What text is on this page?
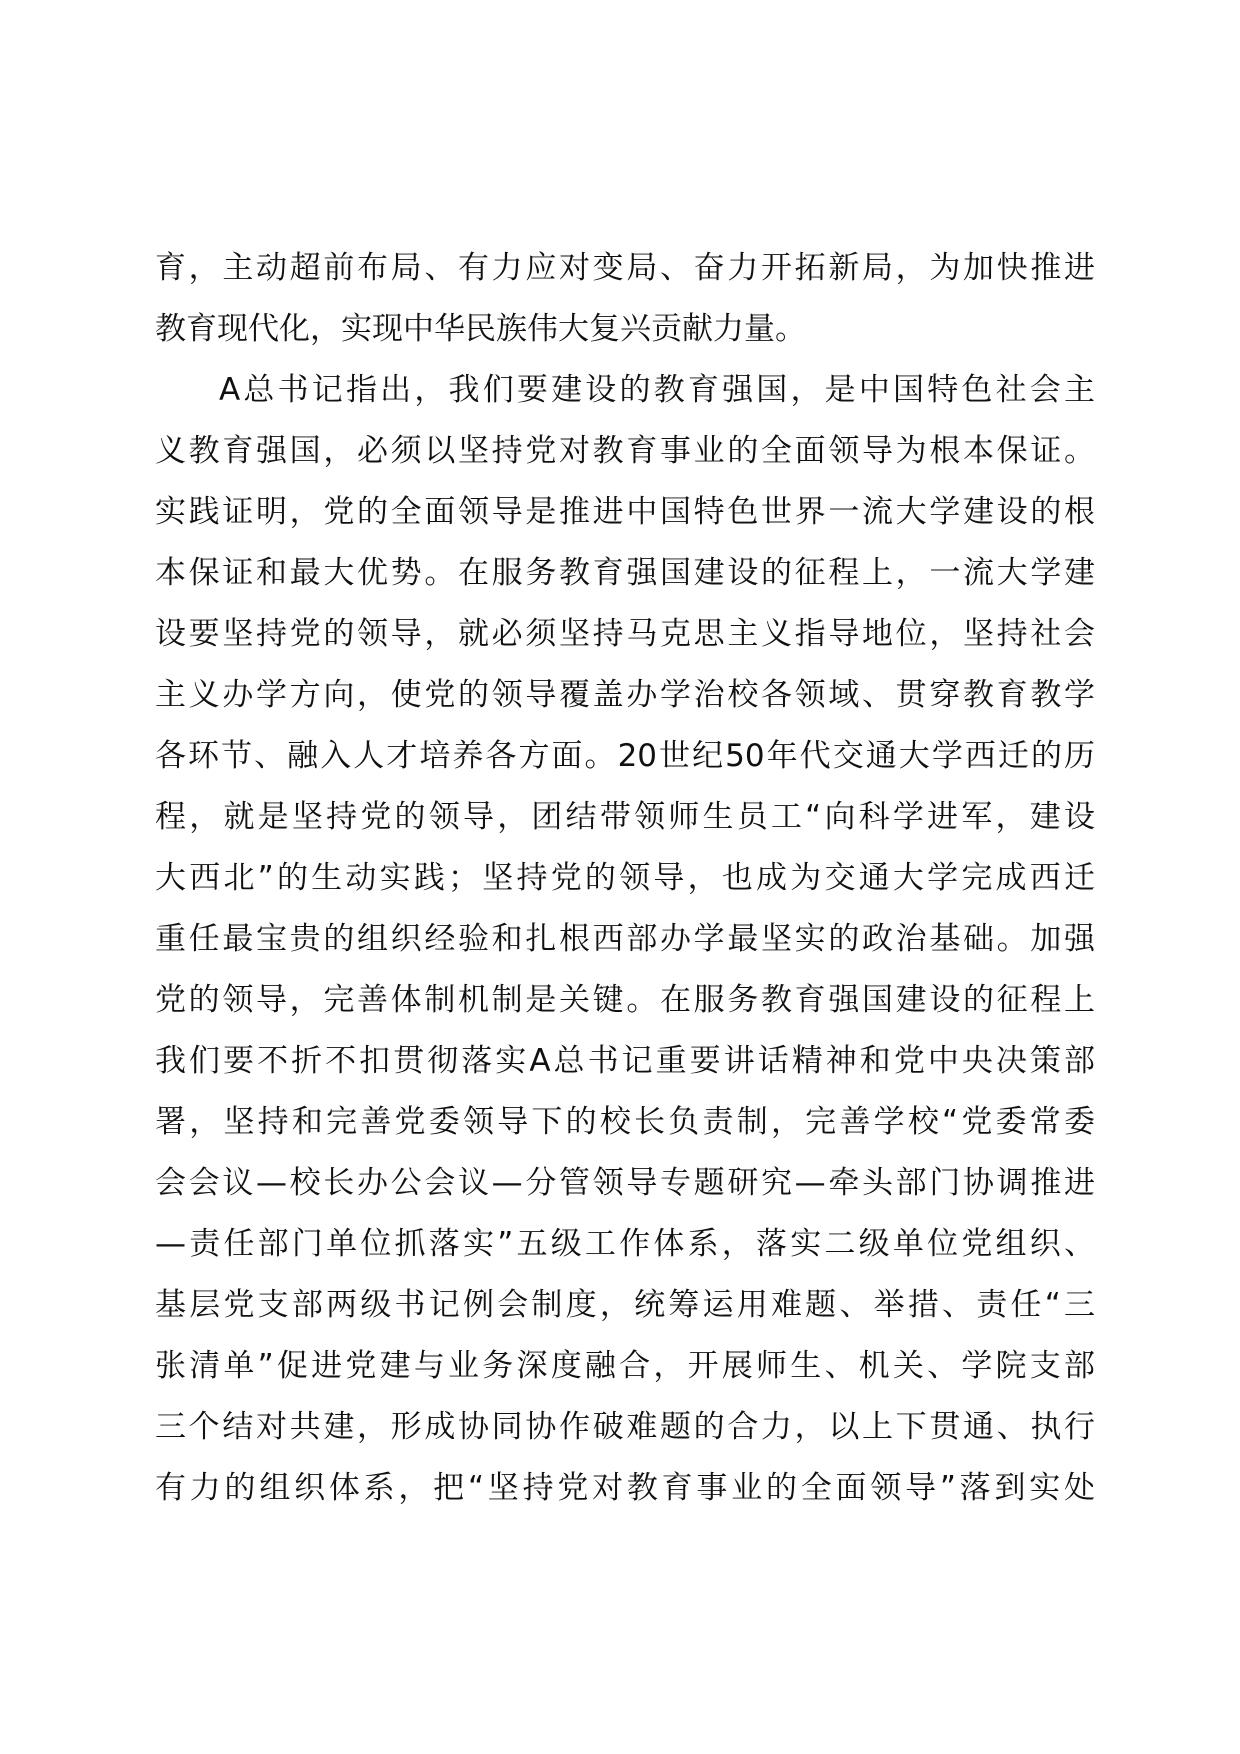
育，主动超前布局、有力应对变局、奋力开拓新局，为加快推进
教育现代化，实现中华民族伟大复兴贡献力量。
A总书记指出，我们要建设的教育强国，是中国特色社会主
义教育强国，必须以坚持党对教育事业的全面领导为根本保证。
实践证明，党的全面领导是推进中国特色世界一流大学建设的根
本保证和最大优势。在服务教育强国建设的征程上，一流大学建
设要坚持党的领导，就必须坚持马克思主义指导地位，坚持社会
主义办学方向，使党的领导覆盖办学治校各领域、贯穿教育教学
各环节、融入人才培养各方面。20世纪50年代交通大学西迁的历
程，就是坚持党的领导，团结带领师生员工“向科学进军，建设
大西北”的生动实践；坚持党的领导，也成为交通大学完成西迁
重任最宝贵的组织经验和扎根西部办学最坚实的政治基础。加强
党的领导，完善体制机制是关键。在服务教育强国建设的征程上
我们要不折不扣贯彻落实A总书记重要讲话精神和党中央决策部
署，坚持和完善党委领导下的校长负责制，完善学校“党委常委
会会议—校长办公会议—分管领导专题研究—牵头部门协调推进
—责任部门单位抓落实”五级工作体系，落实二级单位党组织、
基层党支部两级书记例会制度，统筹运用难题、举措、责任“三
张清单”促进党建与业务深度融合，开展师生、机关、学院支部
三个结对共建，形成协同协作破难题的合力，以上下贯通、执行
有力的组织体系，把“坚持党对教育事业的全面领导”落到实处
